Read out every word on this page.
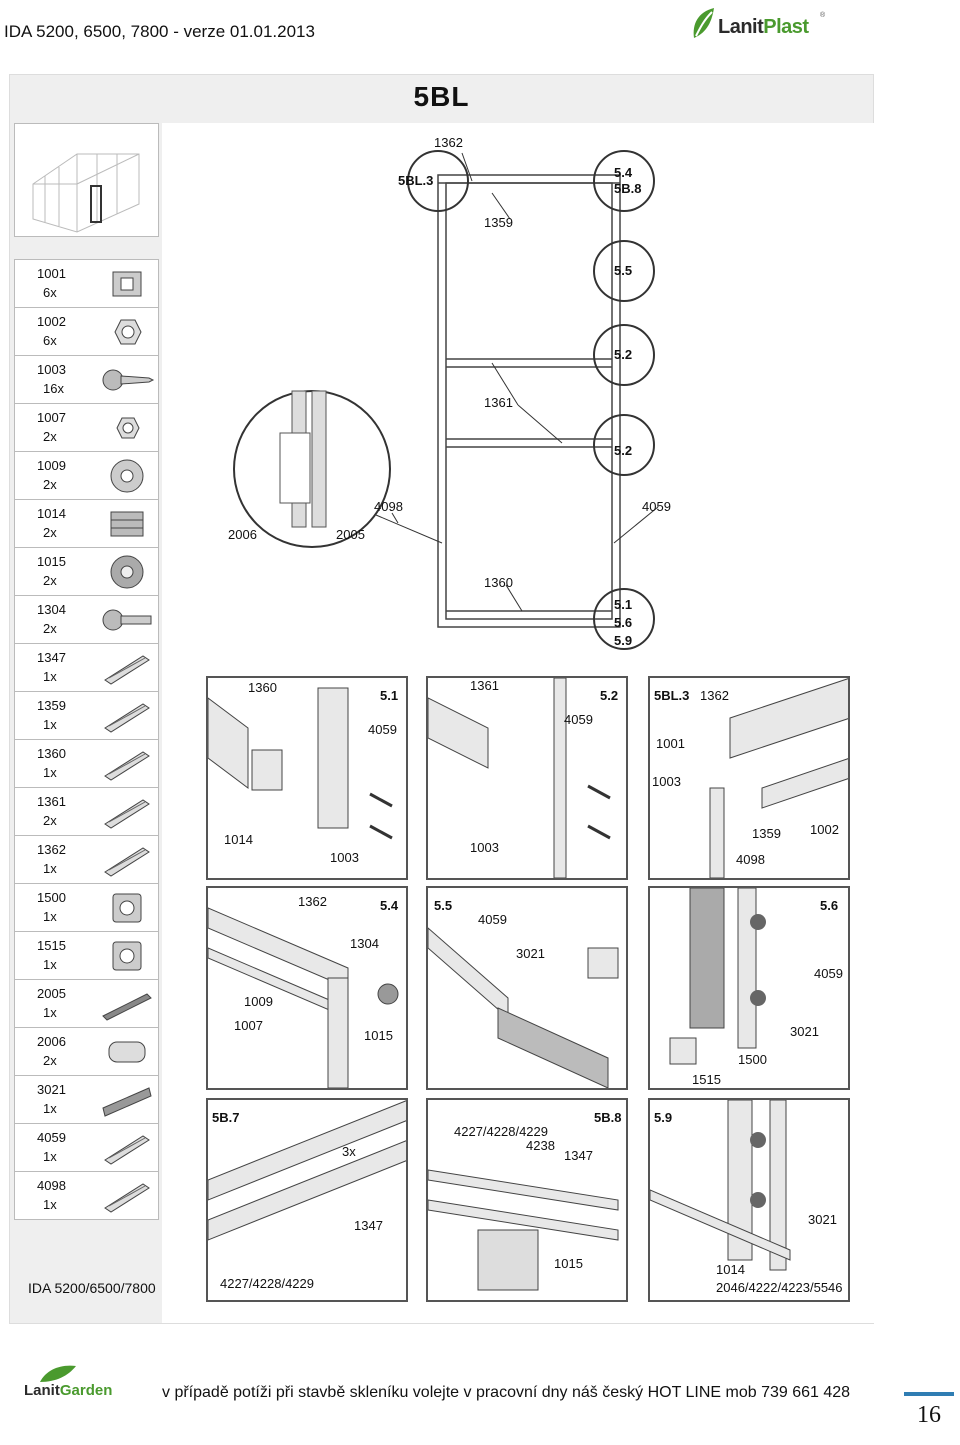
IDA 5200, 6500, 7800 - verze 01.01.2013	LanitPlast
®
5BL
1001
6x
1002
6x
1003
16x
1007
2x
1009
2x
1014
2x
1015
2x
1304
2x
1347
1x
1359
1x
1360
1x
1361
2x
1362
1x
1500
1x
1515
1x
2005
1x
2006
2x
3021
1x
4059
1x
4098
1x
IDA 5200/6500/7800
1362
5BL.3
5.4
5B.8
1359
5.5
5.2
1361
5.2
4098	4059
2006	2005
1360
5.1
5.6
5.9
5.1
1360
4059
1014
1003
5.2
1361
4059
1003
5BL.3 1362
1001
1003
1359 1002
4098
5.4
1362
1304
1009
1007
1015
5.5
4059
3021
5.6
4059
3021
1500
1515
5B.7
3x
1347
4227/4228/4229
5B.8
4227/4228/4229
4238
1347
1015
5.9
3021
1014
2046/4222/4223/5546
LanitGarden	v případě potíži při stavbě skleníku volejte v pracovní dny náš český HOT LINE mob 739 661 428
16
